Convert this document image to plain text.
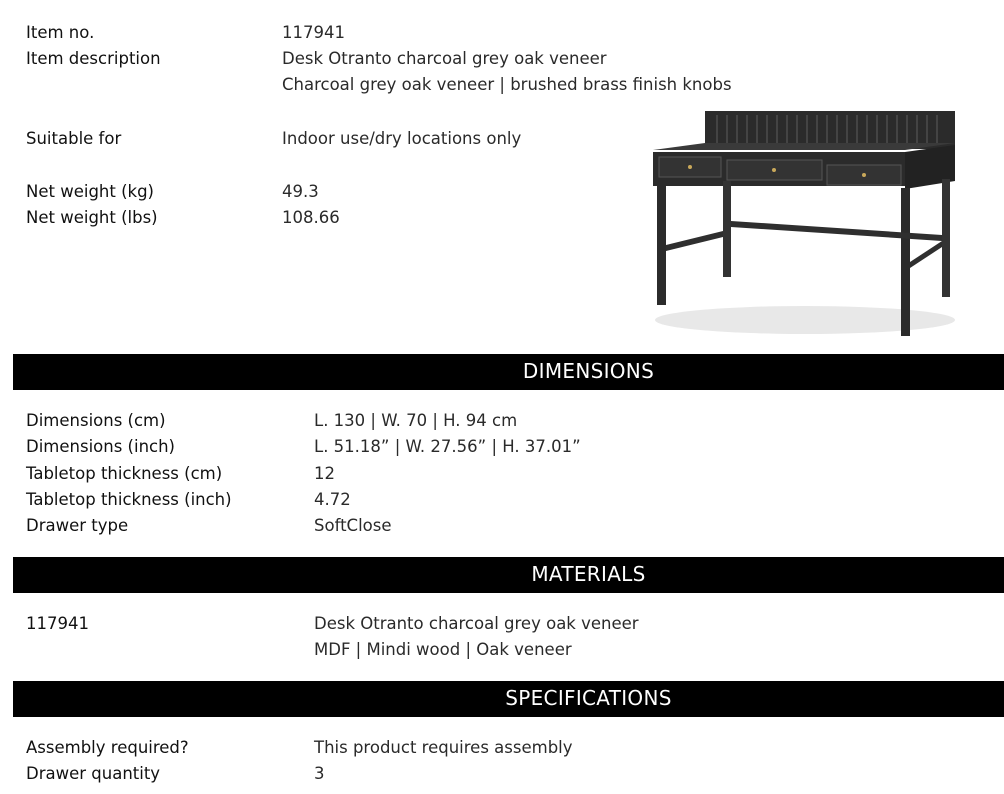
Item no.	117941
Item description	Desk Otranto charcoal grey oak veneer
Charcoal grey oak veneer | brushed brass finish knobs
Suitable for	Indoor use/dry locations only
Net weight (kg)	49.3
Net weight (lbs)	108.66
DIMENSIONS
Dimensions (cm)	L. 130 | W. 70 | H. 94 cm
Dimensions (inch)	L. 51.18” | W. 27.56” | H. 37.01”
Tabletop thickness (cm)	12
Tabletop thickness (inch)	4.72
Drawer type	SoftClose
MATERIALS
117941	Desk Otranto charcoal grey oak veneer
MDF | Mindi wood | Oak veneer
SPECIFICATIONS
Assembly required?	This product requires assembly
Drawer quantity	3
